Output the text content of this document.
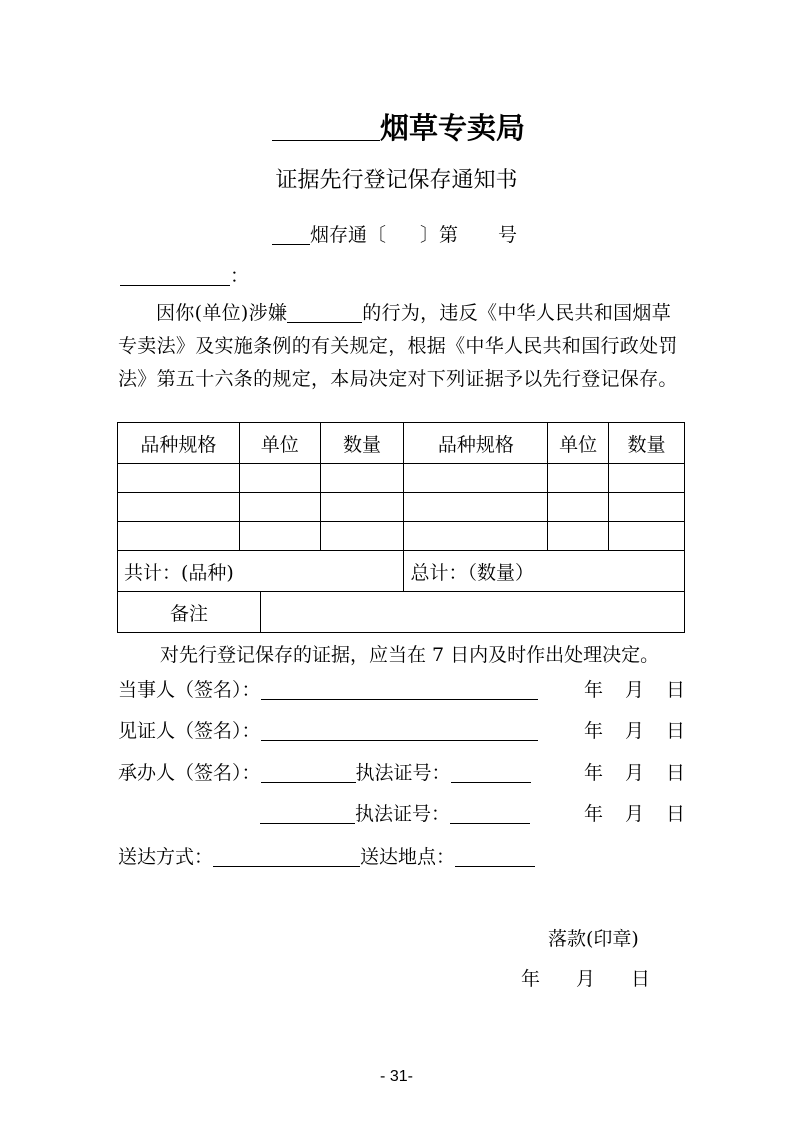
烟草专卖局
证据先行登记保存通知书
烟存通〔 〕第 号
：
因你(单位)涉嫌	的行为，违反《中华人民共和国烟草专卖法》及实施条例的有关规定，根据《中华人民共和国行政处罚法》第五十六条的规定，本局决定对下列证据予以先行登记保存。
品种规格	单位	数量	品种规格	单位	数量

共计：(品种)			总计：（数量）		

备注					
对先行登记保存的证据，应当在 7 日内及时作出处理决定。
当事人（签名）：	年 月 日
见证人（签名）：	年 月 日
承办人（签名）：	执法证号：	年 月 日
执法证号：	年 月 日
送达方式：	送达地点：
落款(印章)
年 月 日
- 31-
